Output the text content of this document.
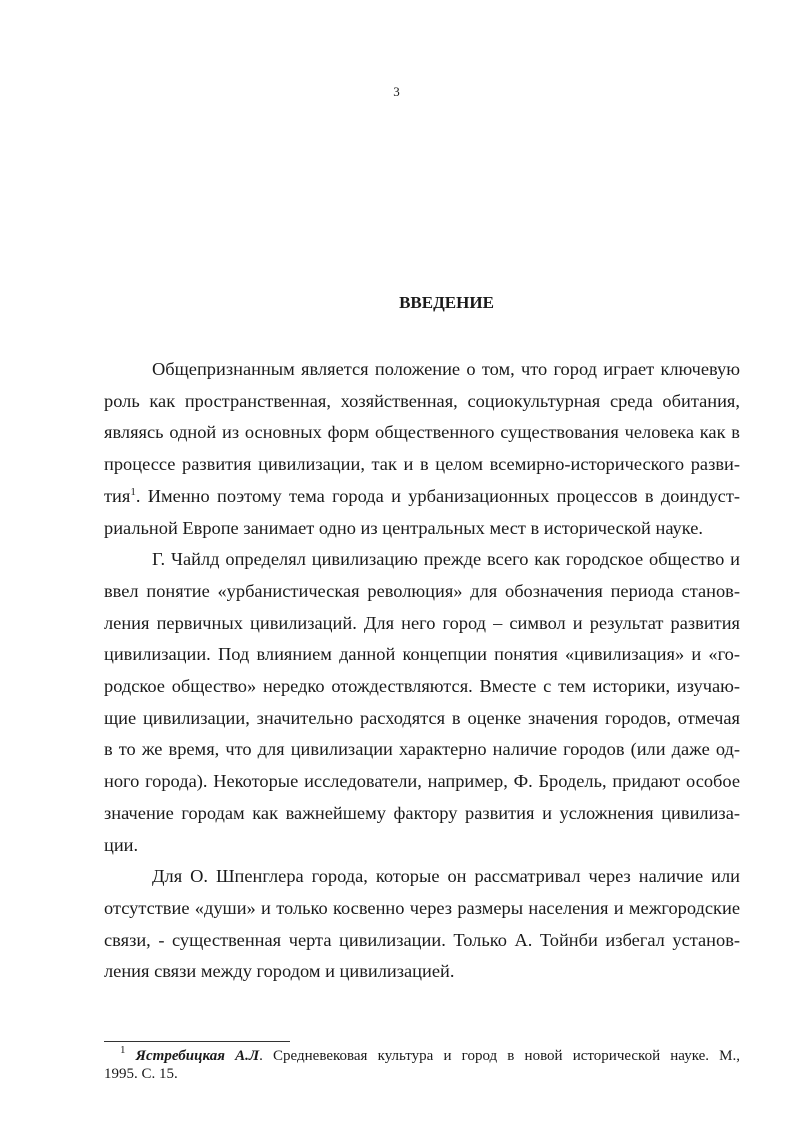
3
ВВЕДЕНИЕ

Общепризнанным является положение о том, что город играет ключевую
роль как пространственная, хозяйственная, социокультурная среда обитания,
являясь одной из основных форм общественного существования человека как в
процессе развития цивилизации, так и в целом всемирно-исторического разви-
тия$^1$. Именно поэтому тема города и урбанизационных процессов в доиндуст-
риальной Европе занимает одно из центральных мест в исторической науке.

Г. Чайлд определял цивилизацию прежде всего как городское общество и
ввел понятие «урбанистическая революция» для обозначения периода станов-
ления первичных цивилизаций. Для него город – символ и результат развития
цивилизации. Под влиянием данной концепции понятия «цивилизация» и «го-
родское общество» нередко отождествляются. Вместе с тем историки, изучаю-
щие цивилизации, значительно расходятся в оценке значения городов, отмечая
в то же время, что для цивилизации характерно наличие городов (или даже од-
ного города). Некоторые исследователи, например, Ф. Бродель, придают особое
значение городам как важнейшему фактору развития и усложнения цивилиза-
ции.

Для О. Шпенглера города, которые он рассматривал через наличие или
отсутствие «души» и только косвенно через размеры населения и межгородские
связи, - существенная черта цивилизации. Только А. Тойнби избегал установ-
ления связи между городом и цивилизацией.

$^1$ Ястребицкая А.Л. Средневековая культура и город в новой исторической науке. М.,
1995. С. 15.
